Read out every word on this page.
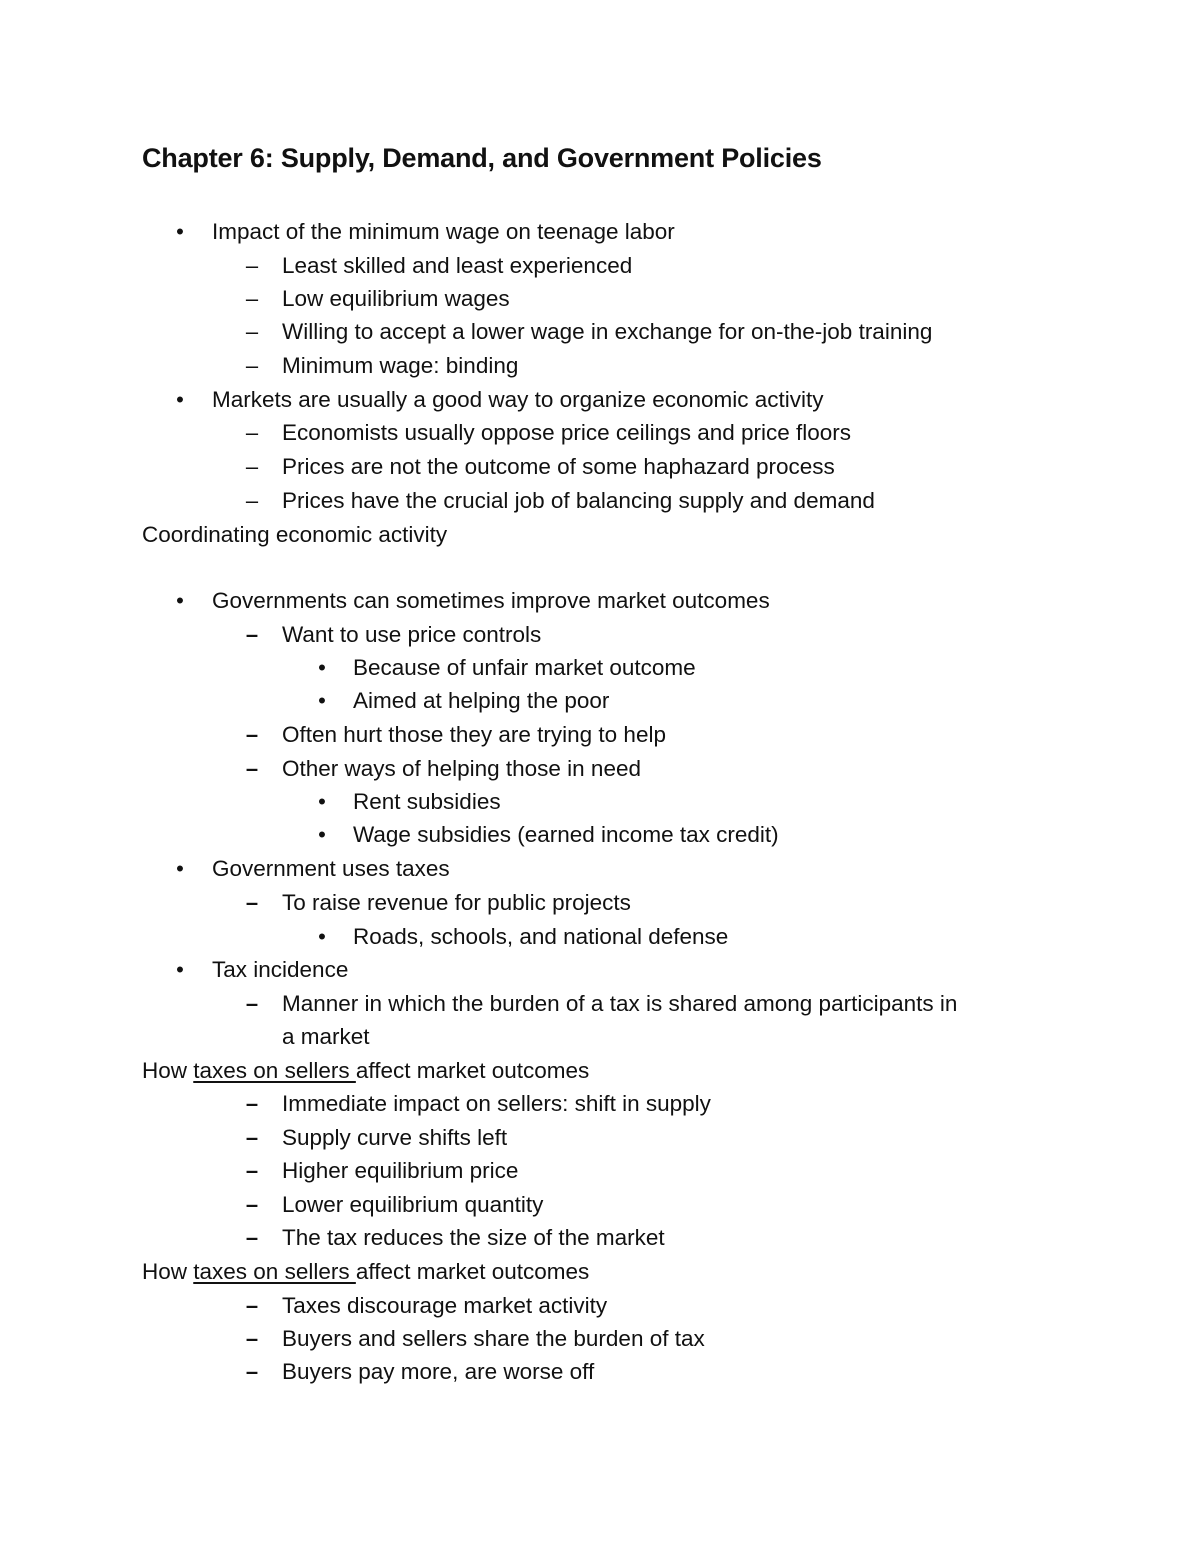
Chapter 6: Supply, Demand, and Government Policies
• Impact of the minimum wage on teenage labor
– Least skilled and least experienced
– Low equilibrium wages
– Willing to accept a lower wage in exchange for on-the-job training
– Minimum wage: binding
• Markets are usually a good way to organize economic activity
– Economists usually oppose price ceilings and price floors
– Prices are not the outcome of some haphazard process
– Prices have the crucial job of balancing supply and demand
Coordinating economic activity
• Governments can sometimes improve market outcomes
– Want to use price controls
• Because of unfair market outcome
• Aimed at helping the poor
– Often hurt those they are trying to help
– Other ways of helping those in need
• Rent subsidies
• Wage subsidies (earned income tax credit)
• Government uses taxes
– To raise revenue for public projects
• Roads, schools, and national defense
• Tax incidence
– Manner in which the burden of a tax is shared among participants in
a market
How taxes on sellers affect market outcomes
– Immediate impact on sellers: shift in supply
– Supply curve shifts left
– Higher equilibrium price
– Lower equilibrium quantity
– The tax reduces the size of the market
How taxes on sellers affect market outcomes
– Taxes discourage market activity
– Buyers and sellers share the burden of tax
– Buyers pay more, are worse off
